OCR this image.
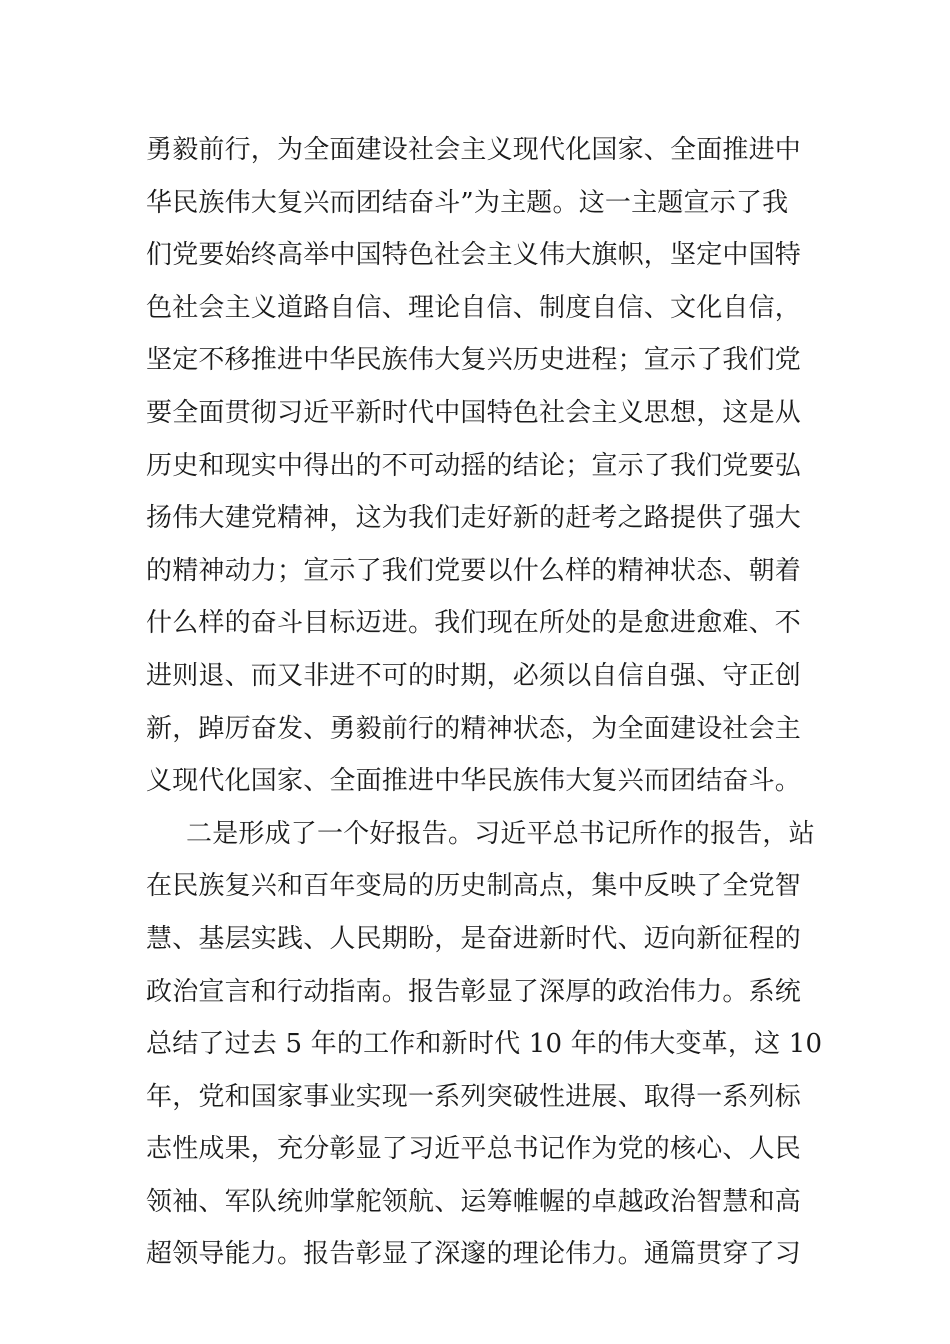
勇毅前行，为全面建设社会主义现代化国家、全面推进中
华民族伟大复兴而团结奋斗”为主题。这一主题宣示了我
们党要始终高举中国特色社会主义伟大旗帜，坚定中国特
色社会主义道路自信、理论自信、制度自信、文化自信，
坚定不移推进中华民族伟大复兴历史进程；宣示了我们党
要全面贯彻习近平新时代中国特色社会主义思想，这是从
历史和现实中得出的不可动摇的结论；宣示了我们党要弘
扬伟大建党精神，这为我们走好新的赶考之路提供了强大
的精神动力；宣示了我们党要以什么样的精神状态、朝着
什么样的奋斗目标迈进。我们现在所处的是愈进愈难、不
进则退、而又非进不可的时期，必须以自信自强、守正创
新，踔厉奋发、勇毅前行的精神状态，为全面建设社会主
义现代化国家、全面推进中华民族伟大复兴而团结奋斗。
二是形成了一个好报告。习近平总书记所作的报告，站
在民族复兴和百年变局的历史制高点，集中反映了全党智
慧、基层实践、人民期盼，是奋进新时代、迈向新征程的
政治宣言和行动指南。报告彰显了深厚的政治伟力。系统
总结了过去 5 年的工作和新时代 10 年的伟大变革，这 10
年，党和国家事业实现一系列突破性进展、取得一系列标
志性成果，充分彰显了习近平总书记作为党的核心、人民
领袖、军队统帅掌舵领航、运筹帷幄的卓越政治智慧和高
超领导能力。报告彰显了深邃的理论伟力。通篇贯穿了习
